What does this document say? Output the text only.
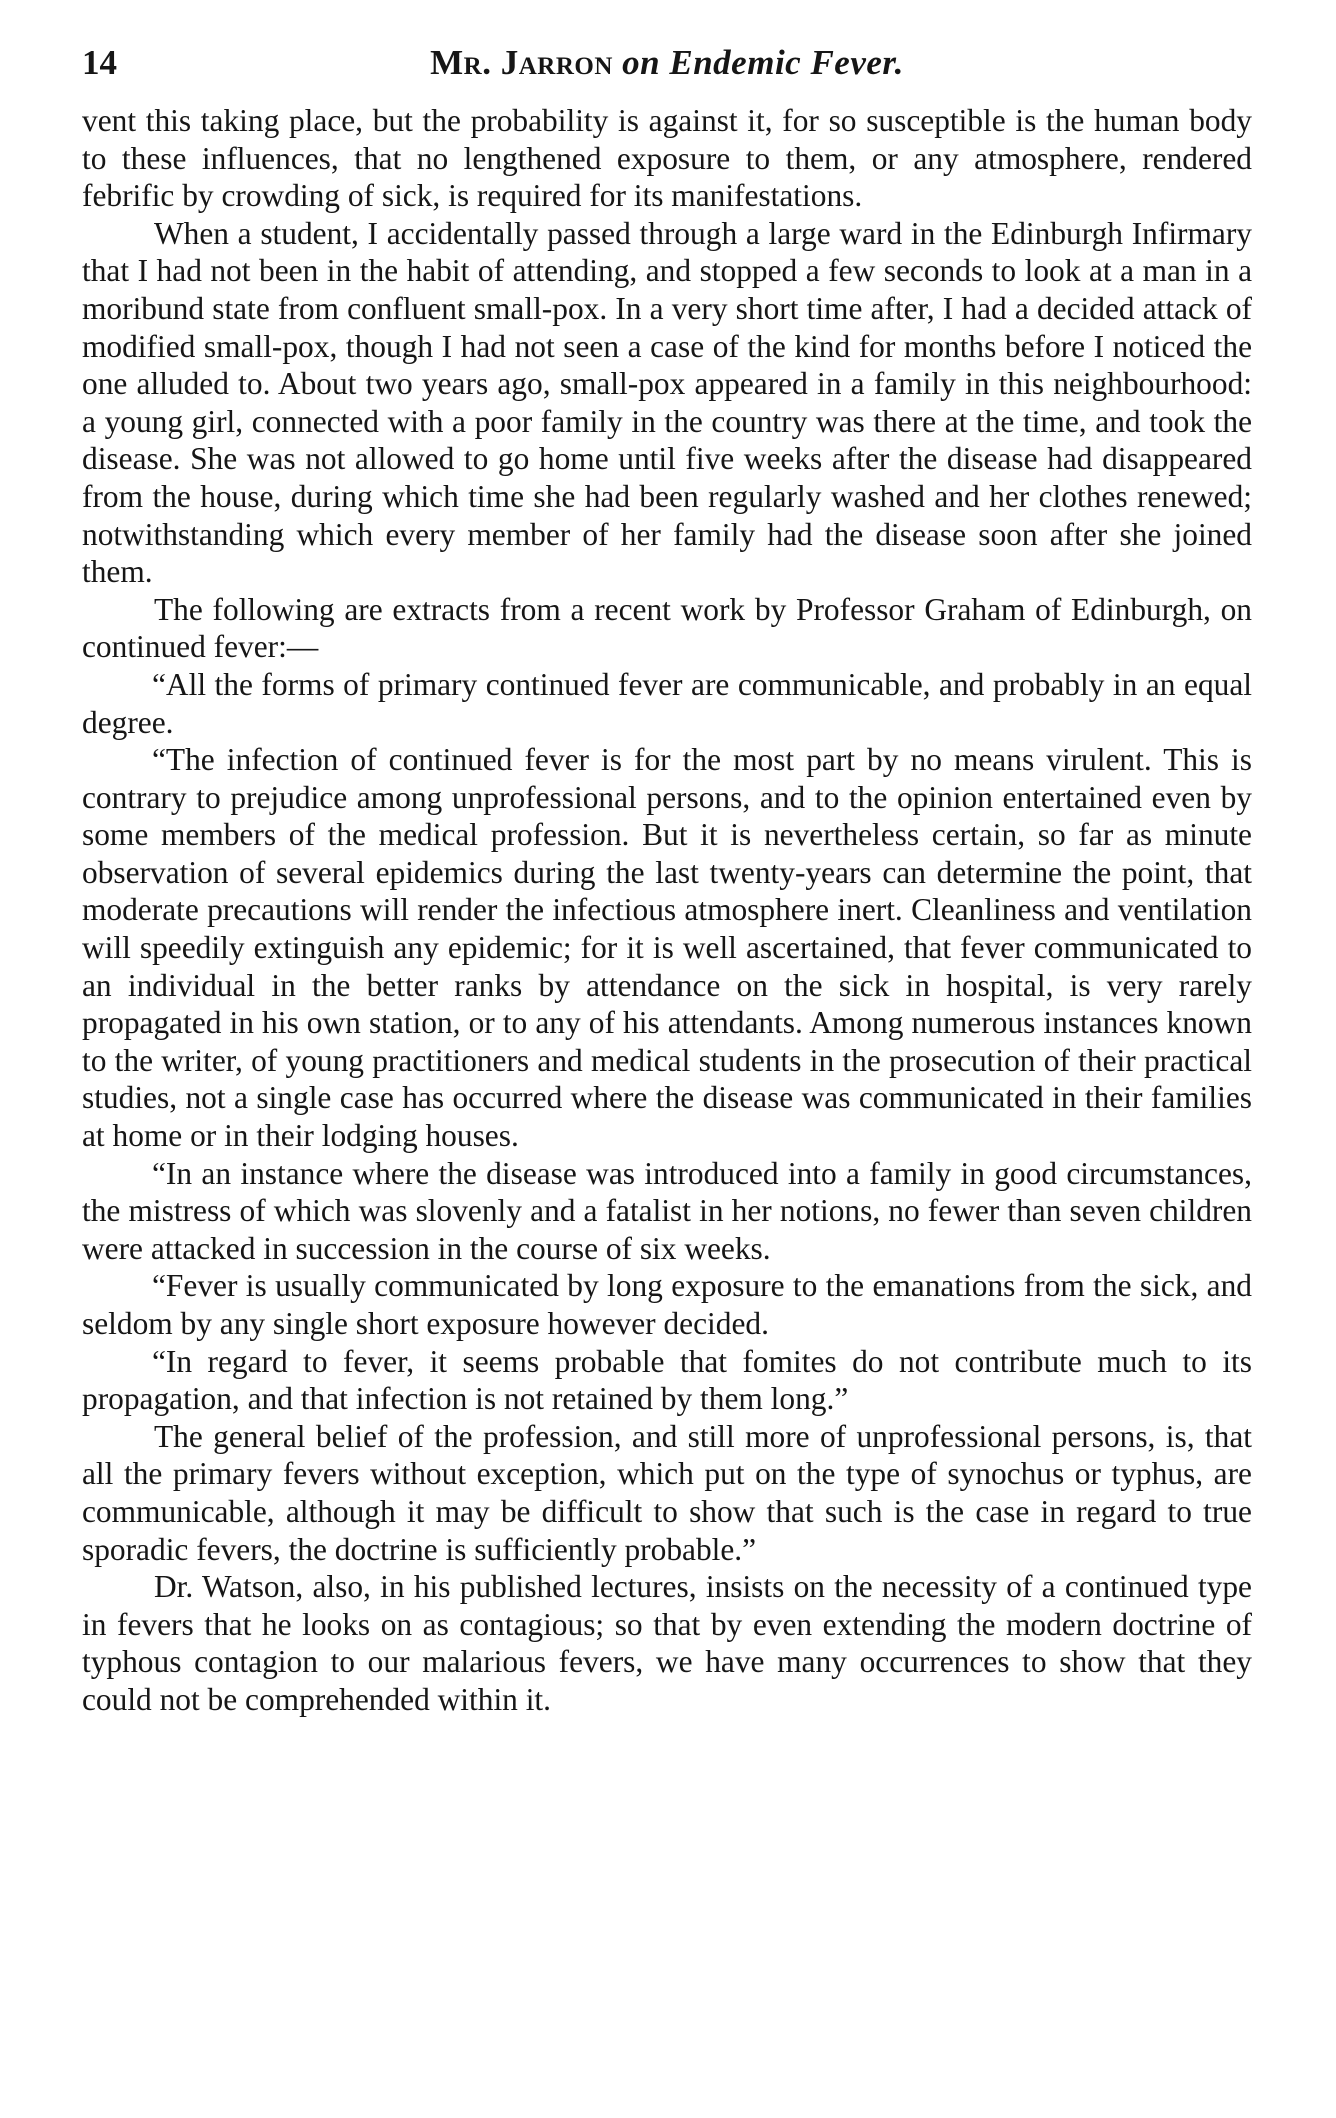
14	Mr. Jarron on Endemic Fever.

vent this taking place, but the probability is against it, for so susceptible is the human body to these influences, that no lengthened exposure to them, or any atmosphere, rendered febrific by crowding of sick, is required for its manifestations.

When a student, I accidentally passed through a large ward in the Edinburgh Infirmary that I had not been in the habit of attending, and stopped a few seconds to look at a man in a moribund state from confluent small-pox. In a very short time after, I had a decided attack of modified small-pox, though I had not seen a case of the kind for months before I noticed the one alluded to. About two years ago, small-pox appeared in a family in this neighbourhood: a young girl, connected with a poor family in the country was there at the time, and took the disease. She was not allowed to go home until five weeks after the disease had disappeared from the house, during which time she had been regularly washed and her clothes renewed; notwithstanding which every member of her family had the disease soon after she joined them.

The following are extracts from a recent work by Professor Graham of Edinburgh, on continued fever:—

“All the forms of primary continued fever are communicable, and probably in an equal degree.

“The infection of continued fever is for the most part by no means virulent. This is contrary to prejudice among unprofessional persons, and to the opinion entertained even by some members of the medical profession. But it is nevertheless certain, so far as minute observation of several epidemics during the last twenty-years can determine the point, that moderate precautions will render the infectious atmosphere inert. Cleanliness and ventilation will speedily extinguish any epidemic; for it is well ascertained, that fever communicated to an individual in the better ranks by attendance on the sick in hospital, is very rarely propagated in his own station, or to any of his attendants. Among numerous instances known to the writer, of young practitioners and medical students in the prosecution of their practical studies, not a single case has occurred where the disease was communicated in their families at home or in their lodging houses.

“In an instance where the disease was introduced into a family in good circumstances, the mistress of which was slovenly and a fatalist in her notions, no fewer than seven children were attacked in succession in the course of six weeks.

“Fever is usually communicated by long exposure to the emanations from the sick, and seldom by any single short exposure however decided.

“In regard to fever, it seems probable that fomites do not contribute much to its propagation, and that infection is not retained by them long.”

The general belief of the profession, and still more of unprofessional persons, is, that all the primary fevers without exception, which put on the type of synochus or typhus, are communicable, although it may be difficult to show that such is the case in regard to true sporadic fevers, the doctrine is sufficiently probable.”

Dr. Watson, also, in his published lectures, insists on the necessity of a continued type in fevers that he looks on as contagious; so that by even extending the modern doctrine of typhous contagion to our malarious fevers, we have many occurrences to show that they could not be comprehended within it.
